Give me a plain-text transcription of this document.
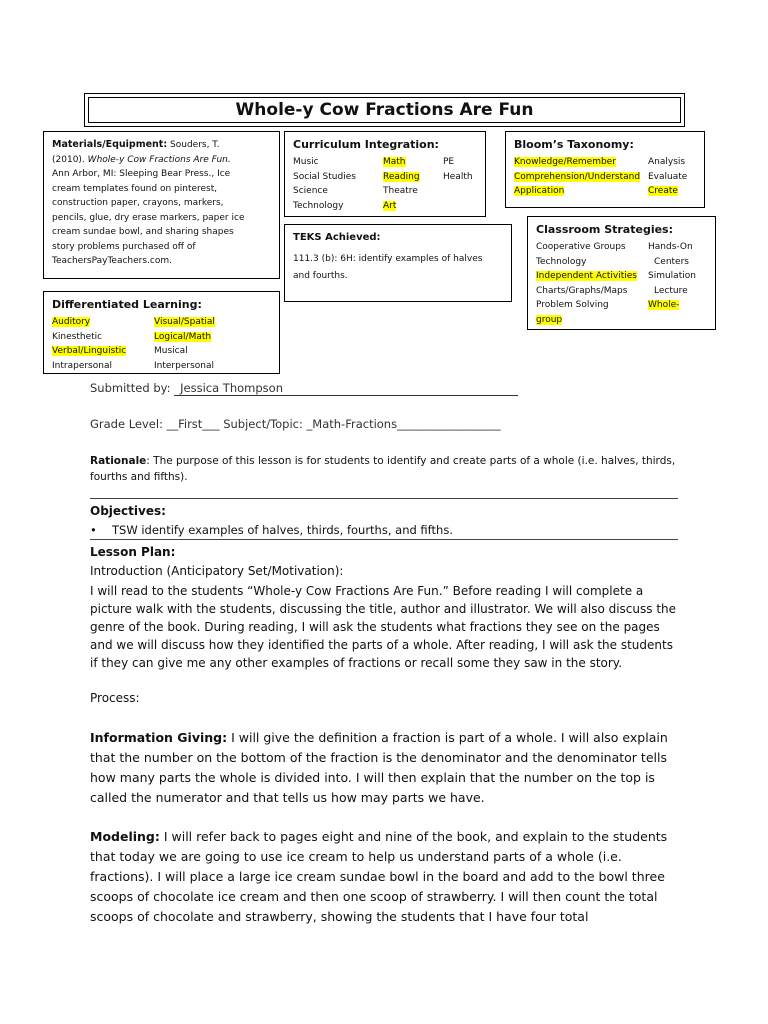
Whole-y Cow Fractions Are Fun
Materials/Equipment: Souders, T.
(2010). Whole-y Cow Fractions Are Fun.
Ann Arbor, MI: Sleeping Bear Press., Ice
cream templates found on pinterest,
construction paper, crayons, markers,
pencils, glue, dry erase markers, paper ice
cream sundae bowl, and sharing shapes
story problems purchased off of
TeachersPayTeachers.com.
Curriculum Integration:
Music	Math	PE
Social Studies	Reading	Health
Science	Theatre
Technology	Art
Bloom’s Taxonomy:
Knowledge/Remember	Analysis
Comprehension/Understand Evaluate
Application	Create
TEKS Achieved:
111.3 (b): 6H: identify examples of halves
and fourths.
Classroom Strategies:
Cooperative Groups	Hands-On
Technology	Centers
Independent Activities	Simulation
Charts/Graphs/Maps	Lecture
Problem Solving	Whole-
group
Differentiated Learning:
Auditory	Visual/Spatial
Kinesthetic	Logical/Math
Verbal/Linguistic	Musical
Intrapersonal	Interpersonal
Submitted by: Jessica Thompson
Grade Level: __First___ Subject/Topic: _Math-Fractions__________________
Rationale: The purpose of this lesson is for students to identify and create parts of a whole (i.e. halves, thirds, fourths and fifths).
Objectives:
• TSW identify examples of halves, thirds, fourths, and fifths.
Lesson Plan:
Introduction (Anticipatory Set/Motivation):
I will read to the students “Whole-y Cow Fractions Are Fun.” Before reading I will complete a picture walk with the students, discussing the title, author and illustrator. We will also discuss the genre of the book. During reading, I will ask the students what fractions they see on the pages and we will discuss how they identified the parts of a whole. After reading, I will ask the students if they can give me any other examples of fractions or recall some they saw in the story.
Process:
Information Giving: I will give the definition a fraction is part of a whole. I will also explain that the number on the bottom of the fraction is the denominator and the denominator tells how many parts the whole is divided into. I will then explain that the number on the top is called the numerator and that tells us how may parts we have.
Modeling: I will refer back to pages eight and nine of the book, and explain to the students that today we are going to use ice cream to help us understand parts of a whole (i.e. fractions). I will place a large ice cream sundae bowl in the board and add to the bowl three scoops of chocolate ice cream and then one scoop of strawberry. I will then count the total scoops of chocolate and strawberry, showing the students that I have four total
